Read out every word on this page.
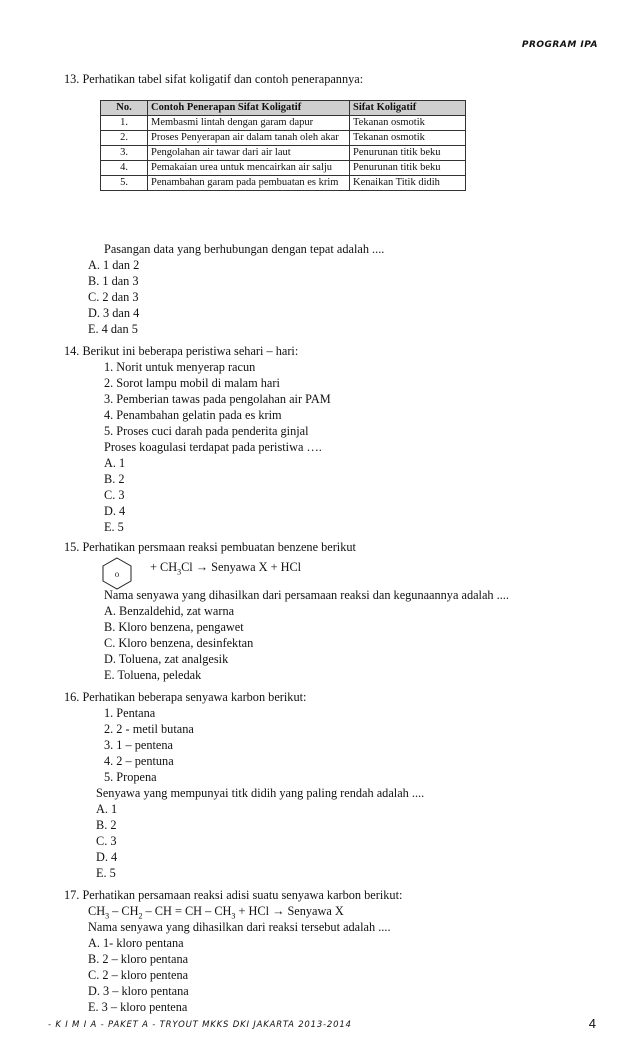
PROGRAM IPA
13. Perhatikan tabel sifat koligatif dan contoh penerapannya:
No.	Contoh Penerapan Sifat Koligatif	Sifat Koligatif
1.	Membasmi lintah dengan garam dapur	Tekanan osmotik
2.	Proses Penyerapan air dalam tanah oleh akar	Tekanan osmotik
3.	Pengolahan air tawar dari air laut	Penurunan titik beku
4.	Pemakaian urea untuk mencairkan air salju	Penurunan titik beku
5.	Penambahan garam pada pembuatan es krim	Kenaikan Titik didih
Pasangan data yang berhubungan dengan tepat adalah ....
A. 1 dan 2
B. 1 dan 3
C. 2 dan 3
D. 3 dan 4
E. 4 dan 5
14. Berikut ini beberapa peristiwa sehari – hari:
1. Norit untuk menyerap racun
2. Sorot lampu mobil di malam hari
3. Pemberian tawas pada pengolahan air PAM
4. Penambahan gelatin pada es krim
5. Proses cuci darah pada penderita ginjal
Proses koagulasi terdapat pada peristiwa ….
A. 1
B. 2
C. 3
D. 4
E. 5
15. Perhatikan persmaan reaksi pembuatan benzene berikut
o	+ $CH_3Cl$ → Senyawa X + HCl
Nama senyawa yang dihasilkan dari persamaan reaksi dan kegunaannya adalah ....
A. Benzaldehid, zat warna
B. Kloro benzena, pengawet
C. Kloro benzena, desinfektan
D. Toluena, zat analgesik
E. Toluena, peledak
16. Perhatikan beberapa senyawa karbon berikut:
1. Pentana
2. 2 - metil butana
3. 1 – pentena
4. 2 – pentuna
5. Propena
Senyawa yang mempunyai titk didih yang paling rendah adalah ....
A. 1
B. 2
C. 3
D. 4
E. 5
17. Perhatikan persamaan reaksi adisi suatu senyawa karbon berikut:
$CH_3 - CH_2$ – CH = CH – $CH_3$ + HCl → Senyawa X
Nama senyawa yang dihasilkan dari reaksi tersebut adalah ....
A. 1- kloro pentana
B. 2 – kloro pentana
C. 2 – kloro pentena
D. 3 – kloro pentana
E. 3 – kloro pentena
- K I M I A - PAKET A - TRYOUT MKKS DKI JAKARTA 2013-2014	4
